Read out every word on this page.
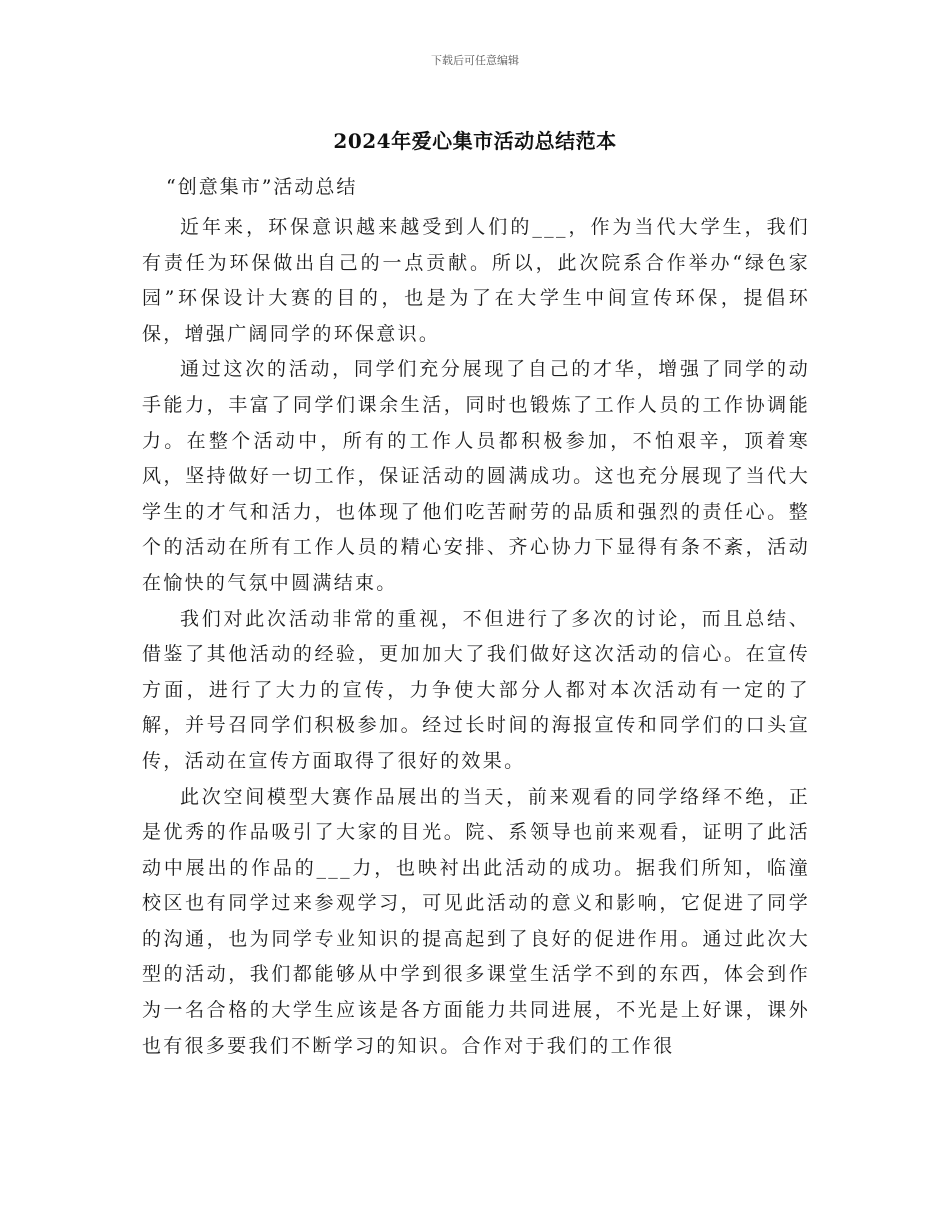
下载后可任意编辑
2024年爱心集市活动总结范本
“创意集市”活动总结

近年来，环保意识越来越受到人们的___，作为当代大学生，我们有责任为环保做出自己的一点贡献。所以，此次院系合作举办“绿色家园”环保设计大赛的目的，也是为了在大学生中间宣传环保，提倡环保，增强广阔同学的环保意识。

通过这次的活动，同学们充分展现了自己的才华，增强了同学的动手能力，丰富了同学们课余生活，同时也锻炼了工作人员的工作协调能力。在整个活动中，所有的工作人员都积极参加，不怕艰辛，顶着寒风，坚持做好一切工作，保证活动的圆满成功。这也充分展现了当代大学生的才气和活力，也体现了他们吃苦耐劳的品质和强烈的责任心。整个的活动在所有工作人员的精心安排、齐心协力下显得有条不紊，活动在愉快的气氛中圆满结束。

我们对此次活动非常的重视，不但进行了多次的讨论，而且总结、借鉴了其他活动的经验，更加加大了我们做好这次活动的信心。在宣传方面，进行了大力的宣传，力争使大部分人都对本次活动有一定的了解，并号召同学们积极参加。经过长时间的海报宣传和同学们的口头宣传，活动在宣传方面取得了很好的效果。

此次空间模型大赛作品展出的当天，前来观看的同学络绎不绝，正是优秀的作品吸引了大家的目光。院、系领导也前来观看，证明了此活动中展出的作品的___力，也映衬出此活动的成功。据我们所知，临潼校区也有同学过来参观学习，可见此活动的意义和影响，它促进了同学的沟通，也为同学专业知识的提高起到了良好的促进作用。通过此次大型的活动，我们都能够从中学到很多课堂生活学不到的东西，体会到作为一名合格的大学生应该是各方面能力共同进展，不光是上好课，课外也有很多要我们不断学习的知识。合作对于我们的工作很
